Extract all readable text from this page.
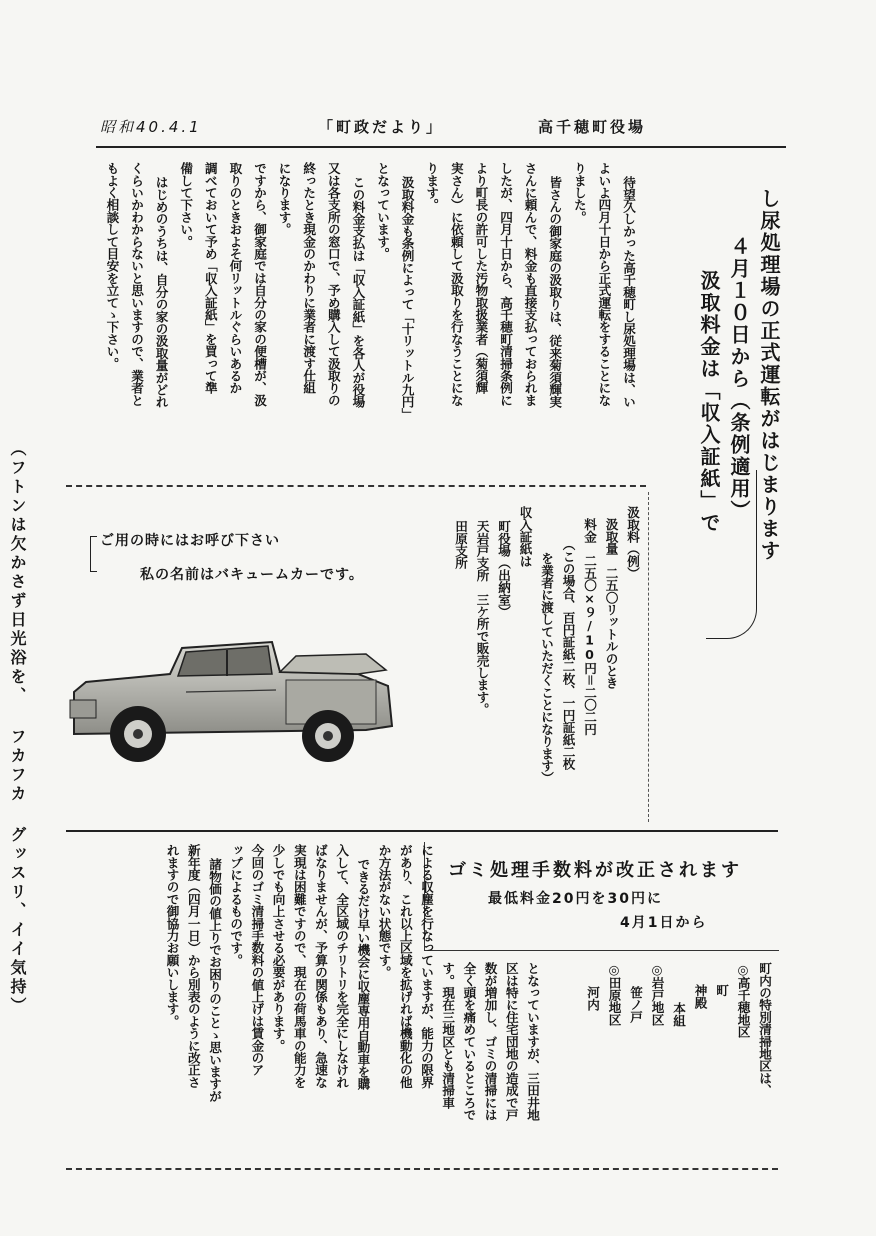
昭和40.4.1	「町政だより」	高千穂町役場
（フトンは欠かさず日光浴を、 フカフカ グッスリ、イイ気持）
し尿処理場の正式運転がはじまります
４月１０日から（条例適用）
汲取料金は「収入証紙」で
待望久しかった高千穂町し尿処理場は、い
よいよ四月十日から正式運転をすることにな
りました。
皆さんの御家庭の汲取りは、従来菊須輝実
さんに頼んで、料金も直接支払っておられま
したが、四月十日から、高千穂町清掃条例に
より町長の許可した汚物取扱業者（菊須輝
実さん）に依頼して汲取りを行なうことにな
ります。
汲取料金も条例によって「十リットル九円」
となっています。
この料金支払は「収入証紙」を各人が役場
又は各支所の窓口で、予め購入して汲取りの
終ったとき現金のかわりに業者に渡す仕組
になります。
ですから、御家庭では自分の家の便槽が、汲
取りのときおよそ何リットルぐらいあるか
調べておいて予め「収入証紙」を買って準
備して下さい。
はじめのうちは、自分の家の汲取量がどれ
くらいかわからないと思いますので、業者と
もよく相談して目安を立てゝ下さい。
汲取料（例）
汲取量　二五〇リットルのとき
料金　二五〇×９/10円＝二〇二円
（この場合、百円証紙二枚、一円証紙二枚
を業者に渡していただくことになります）
収入証紙は
町役場（出納室）
天岩戸支所　三ケ所で販売します。
田原支所
ご用の時にはお呼び下さい
私の名前はバキュームカーです。
ゴミ処理手数料が改正されます
最低料金20円を30円に
4月1日から
町内の特別清掃地区は、
◎高千穂地区
町
神殿
本組
◎岩戸地区
笹ノ戸
◎田原地区
河内
となっていますが、三田井地
区は特に住宅団地の造成で戸
数が増加し、ゴミの清掃には
全く頭を痛めているところで
す。現在三地区とも清掃車
による収塵を行なっていますが、能力の限界
があり、これ以上区域を拡げれば機動化の他
か方法がない状態です。
できるだけ早い機会に収塵専用自動車を購
入して、全区域のチリトリを完全にしなけれ
ばなりませんが、予算の関係もあり、急速な
実現は困難ですので、現在の荷馬車の能力を
少しでも向上させる必要があります。
今回のゴミ清掃手数料の値上げは賃金のア
ップによるものです。
諸物価の値上りでお困りのことゝ思いますが
新年度（四月一日）から別表のように改正さ
れますので御協力お願いします。
